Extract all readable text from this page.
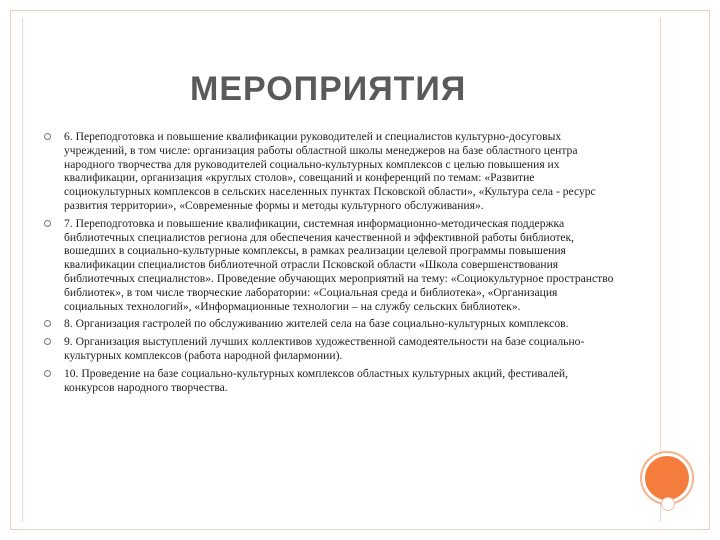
МЕРОПРИЯТИЯ
6. Переподготовка и повышение квалификации руководителей и специалистов культурно-досуговых учреждений, в том числе: организация работы областной школы менеджеров на базе областного центра народного творчества для руководителей социально-культурных комплексов с целью повышения их квалификации, организация «круглых столов», совещаний и конференций по темам: «Развитие социокультурных комплексов в сельских населенных пунктах Псковской области», «Культура села - ресурс развития территории», «Современные формы и методы культурного обслуживания».
7. Переподготовка и повышение квалификации, системная информационно-методическая поддержка библиотечных специалистов региона для обеспечения качественной и эффективной работы библиотек, вошедших в социально-культурные комплексы, в рамках реализации целевой программы повышения квалификации специалистов библиотечной отрасли Псковской области «Школа совершенствования библиотечных специалистов». Проведение обучающих мероприятий на тему: «Социокультурное пространство библиотек», в том числе творческие лаборатории: «Социальная среда и библиотека», «Организация социальных технологий», «Информационные технологии – на службу сельских библиотек».
8. Организация гастролей по обслуживанию жителей села на базе социально-культурных комплексов.
9. Организация выступлений лучших коллективов художественной самодеятельности на базе социально-культурных комплексов (работа народной филармонии).
10. Проведение на базе социально-культурных комплексов областных культурных акций, фестивалей, конкурсов народного творчества.
